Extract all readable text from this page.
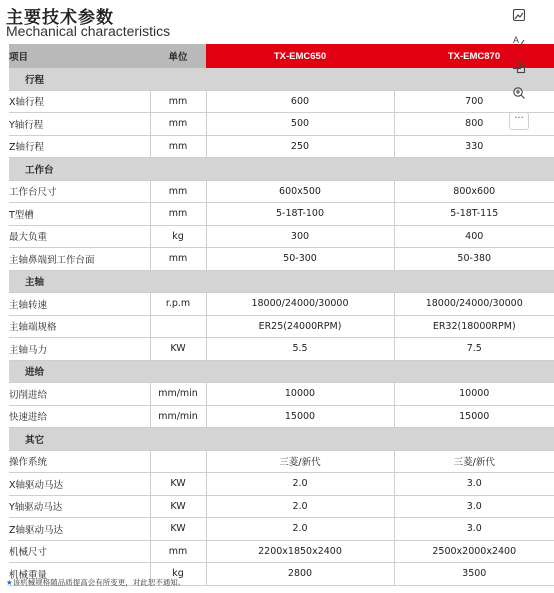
主要技术参数
Mechanical characteristics
项目	单位	TX-EMC650	TX-EMC870
行程			
X轴行程	mm	600	700
Y轴行程	mm	500	800
Z轴行程	mm	250	330
工作台			
工作台尺寸	mm	600x500	800x600
T型槽	mm	5-18T-100	5-18T-115
最大负重	kg	300	400
主轴鼻端到工作台面	mm	50-300	50-380
主轴			
主轴转速	r.p.m	18000/24000/30000	18000/24000/30000
主轴端规格		ER25(24000RPM)	ER32(18000RPM)
主轴马力	KW	5.5	7.5
进给			
切削进给	mm/min	10000	10000
快速进给	mm/min	15000	15000
其它			
操作系统		三菱/新代	三菱/新代
X轴驱动马达	KW	2.0	3.0
Y轴驱动马达	KW	2.0	3.0
Z轴驱动马达	KW	2.0	3.0
机械尺寸	mm	2200x1850x2400	2500x2000x2400
机械重量	kg	2800	3500
A
···
★该机械规格随品质提高会有所变更，对此恕不通知。
